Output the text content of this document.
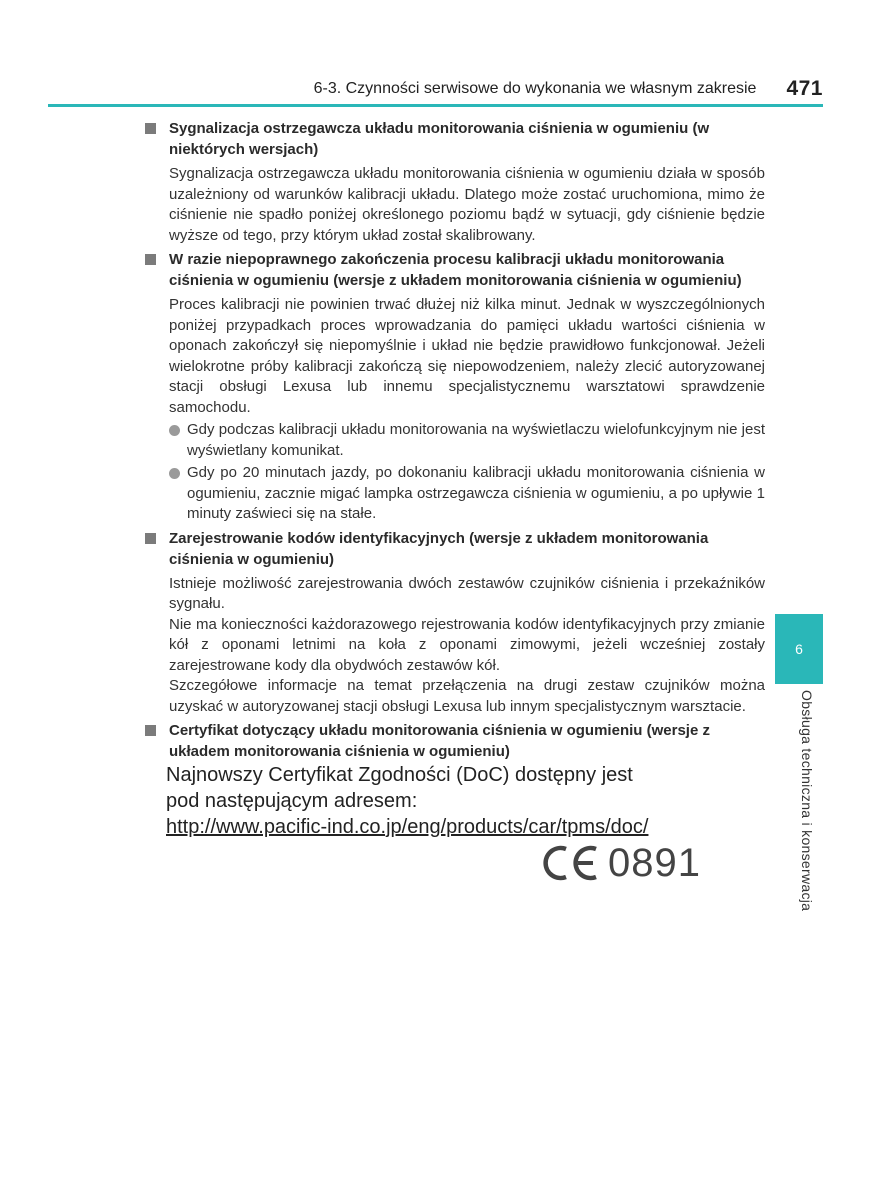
6-3. Czynności serwisowe do wykonania we własnym zakresie 471
Sygnalizacja ostrzegawcza układu monitorowania ciśnienia w ogumieniu (w niektórych wersjach)

Sygnalizacja ostrzegawcza układu monitorowania ciśnienia w ogumieniu działa w sposób uzależniony od warunków kalibracji układu. Dlatego może zostać uruchomiona, mimo że ciśnienie nie spadło poniżej określonego poziomu bądź w sytuacji, gdy ciśnienie będzie wyższe od tego, przy którym układ został skalibrowany.

W razie niepoprawnego zakończenia procesu kalibracji układu monitorowania ciśnienia w ogumieniu (wersje z układem monitorowania ciśnienia w ogumieniu)

Proces kalibracji nie powinien trwać dłużej niż kilka minut. Jednak w wyszczególnionych poniżej przypadkach proces wprowadzania do pamięci układu wartości ciśnienia w oponach zakończył się niepomyślnie i układ nie będzie prawidłowo funkcjonował. Jeżeli wielokrotne próby kalibracji zakończą się niepowodzeniem, należy zlecić autoryzowanej stacji obsługi Lexusa lub innemu specjalistycznemu warsztatowi sprawdzenie samochodu.

Gdy podczas kalibracji układu monitorowania na wyświetlaczu wielofunkcyjnym nie jest wyświetlany komunikat.
Gdy po 20 minutach jazdy, po dokonaniu kalibracji układu monitorowania ciśnienia w ogumieniu, zacznie migać lampka ostrzegawcza ciśnienia w ogumieniu, a po upływie 1 minuty zaświeci się na stałe.
Zarejestrowanie kodów identyfikacyjnych (wersje z układem monitorowania ciśnienia w ogumieniu)

Istnieje możliwość zarejestrowania dwóch zestawów czujników ciśnienia i przekaźników sygnału.

Nie ma konieczności każdorazowego rejestrowania kodów identyfikacyjnych przy zmianie kół z oponami letnimi na koła z oponami zimowymi, jeżeli wcześniej zostały zarejestrowane kody dla obydwóch zestawów kół.

Szczegółowe informacje na temat przełączenia na drugi zestaw czujników można uzyskać w autoryzowanej stacji obsługi Lexusa lub innym specjalistycznym warsztacie.

Certyfikat dotyczący układu monitorowania ciśnienia w ogumieniu (wersje z układem monitorowania ciśnienia w ogumieniu)
Najnowszy Certyfikat Zgodności (DoC) dostępny jest
pod następującym adresem:
http://www.pacific-ind.co.jp/eng/products/car/tpms/doc/
0891
6
Obsługa techniczna i konserwacja
